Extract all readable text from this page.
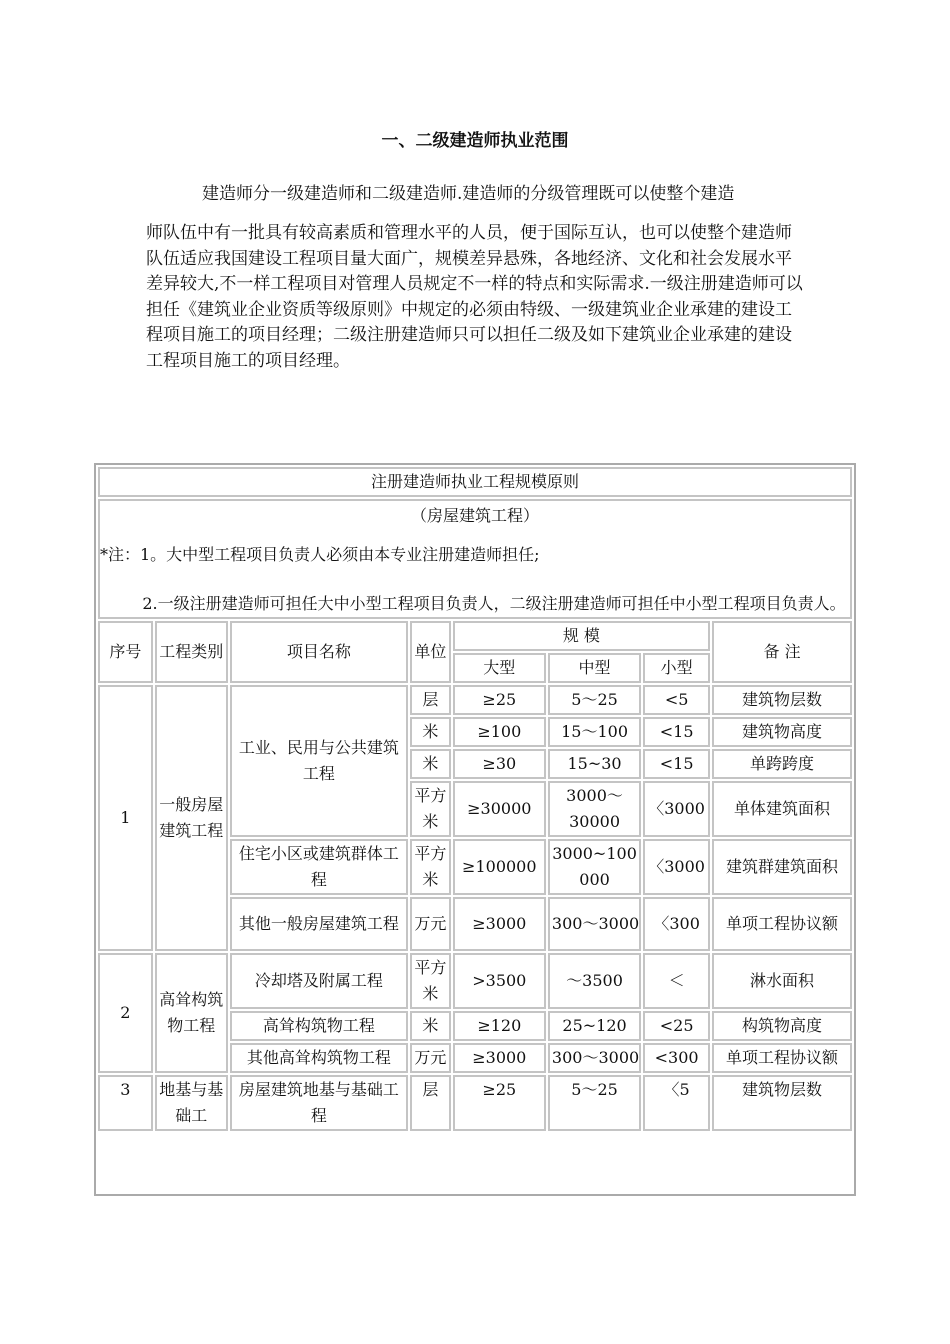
一、二级建造师执业范围

建造师分一级建造师和二级建造师.建造师的分级管理既可以使整个建造

师队伍中有一批具有较高素质和管理水平的人员，便于国际互认，也可以使整个建造师队伍适应我国建设工程项目量大面广，规模差异悬殊，各地经济、文化和社会发展水平差异较大,不一样工程项目对管理人员规定不一样的特点和实际需求.一级注册建造师可以担任《建筑业企业资质等级原则》中规定的必须由特级、一级建筑业企业承建的建设工程项目施工的项目经理；二级注册建造师只可以担任二级及如下建筑业企业承建的建设工程项目施工的项目经理。

注册建造师执业工程规模原则							

（房屋建筑工程）
*注：1。大中型工程项目负责人必须由本专业注册建造师担任;
2.一级注册建造师可担任大中小型工程项目负责人，二级注册建造师可担任中小型工程项目负责人。							

序号	工程类别	项目名称	单位	规 模			备 注
				大型	中型	小型	
1	一般房屋建筑工程	工业、民用与公共建筑工程	层	≥25	5～25	<5	建筑物层数
			米	≥100	15～100	<15	建筑物高度
			米	≥30	15~30	<15	单跨跨度
			平方米	≥30000	3000～30000	〈3000	单体建筑面积
		住宅小区或建筑群体工程	平方米	≥100000	3000~100000	〈3000	建筑群建筑面积
		其他一般房屋建筑工程	万元	≥3000	300～3000	〈300	单项工程协议额
2	高耸构筑物工程	冷却塔及附属工程	平方米	>3500	～3500	＜	淋水面积
		高耸构筑物工程	米	≥120	25~120	<25	构筑物高度
		其他高耸构筑物工程	万元	≥3000	300～3000	<300	单项工程协议额
3	地基与基础工	房屋建筑地基与基础工程	层	≥25	5～25	〈5	建筑物层数
